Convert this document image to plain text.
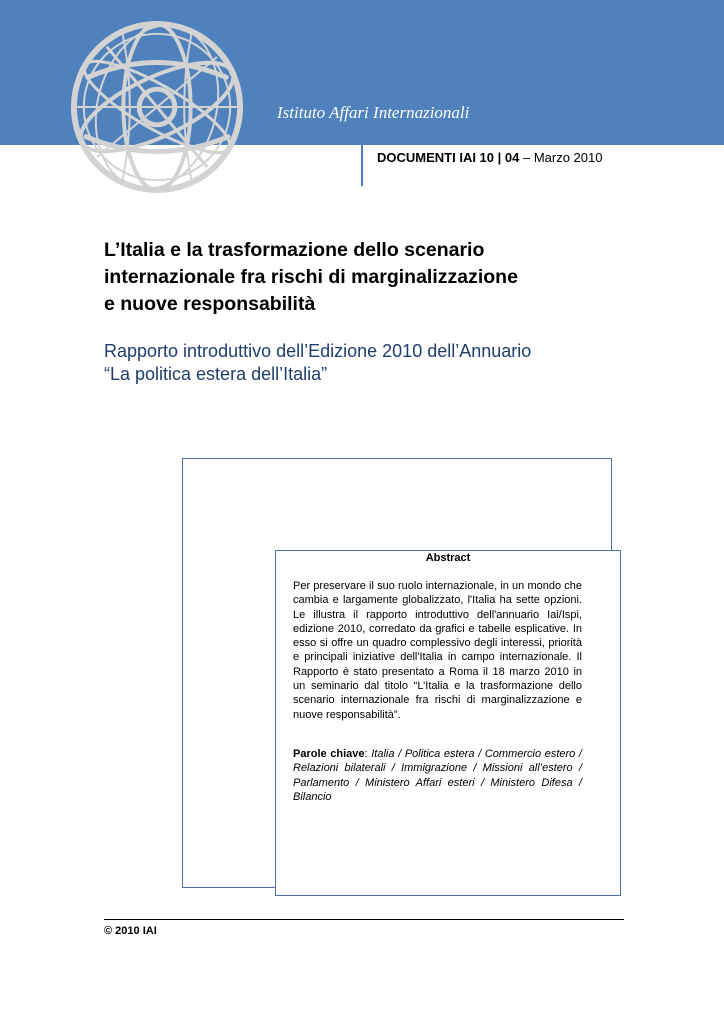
Istituto Affari Internazionali
DOCUMENTI IAI 10 | 04 – Marzo 2010
L’Italia e la trasformazione dello scenario
internazionale fra rischi di marginalizzazione
e nuove responsabilità
Rapporto introduttivo dell’Edizione 2010 dell’Annuario
“La politica estera dell’Italia”
Abstract
Per preservare il suo ruolo internazionale, in un mondo che cambia e largamente globalizzato, l'Italia ha sette opzioni. Le illustra il rapporto introduttivo dell'annuario Iai/Ispi, edizione 2010, corredato da grafici e tabelle esplicative. In esso si offre un quadro complessivo degli interessi, priorità e principali iniziative dell'Italia in campo internazionale. Il Rapporto è stato presentato a Roma il 18 marzo 2010 in un seminario dal titolo “L’Italia e la trasformazione dello scenario internazionale fra rischi di marginalizzazione e nuove responsabilità”.
Parole chiave: Italia / Politica estera / Commercio estero / Relazioni bilaterali / Immigrazione / Missioni all’estero / Parlamento / Ministero Affari esteri / Ministero Difesa / Bilancio
© 2010 IAI
